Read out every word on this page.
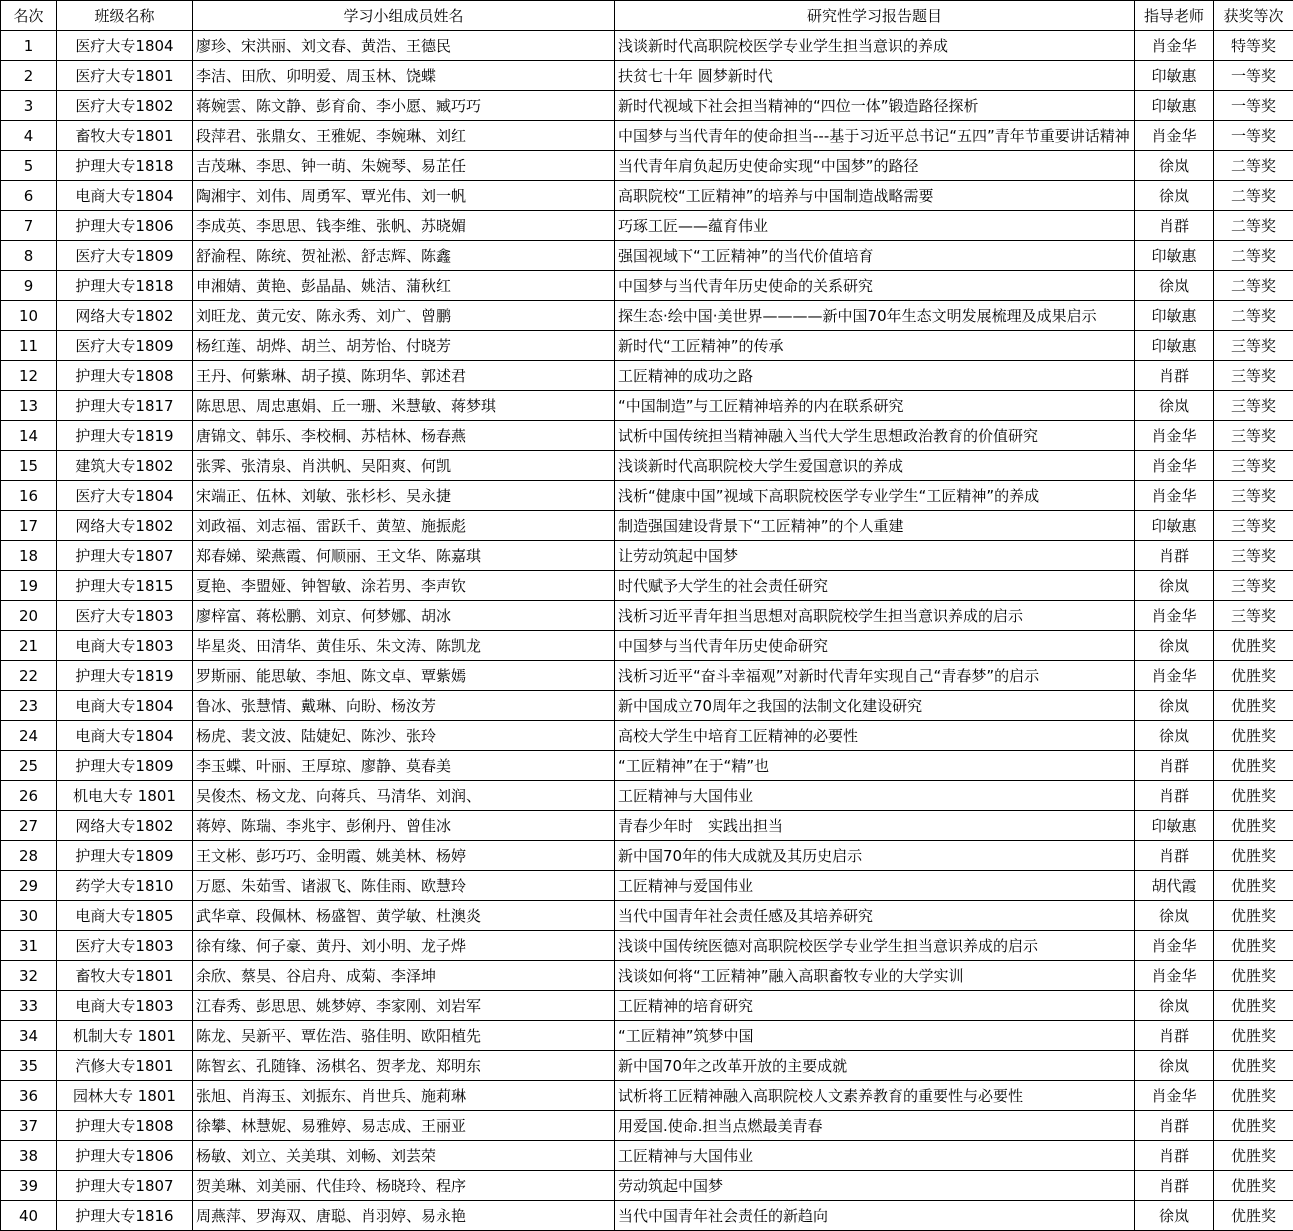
名次	班级名称	学习小组成员姓名	研究性学习报告题目	指导老师	获奖等次
1	医疗大专1804	廖珍、宋洪丽、刘文春、黄浩、王德民	浅谈新时代高职院校医学专业学生担当意识的养成	肖金华	特等奖
2	医疗大专1801	李洁、田欣、卯明爱、周玉林、饶蝶	扶贫七十年 圆梦新时代	印敏惠	一等奖
3	医疗大专1802	蒋婉雲、陈文静、彭育俞、李小愿、臧巧巧	新时代视域下社会担当精神的“四位一体”锻造路径探析	印敏惠	一等奖
4	畜牧大专1801	段萍君、张鼎女、王雅妮、李婉琳、刘红	中国梦与当代青年的使命担当---基于习近平总书记“五四”青年节重要讲话精神	肖金华	一等奖
5	护理大专1818	吉茂琳、李思、钟一萌、朱婉琴、易芷任	当代青年肩负起历史使命实现“中国梦”的路径	徐岚	二等奖
6	电商大专1804	陶湘宇、刘伟、周勇军、覃光伟、刘一帆	高职院校“工匠精神”的培养与中国制造战略需要	徐岚	二等奖
7	护理大专1806	李成英、李思思、钱李维、张帆、苏晓媚	巧琢工匠——蕴育伟业	肖群	二等奖
8	医疗大专1809	舒渝程、陈统、贺祉淞、舒志辉、陈鑫	强国视域下“工匠精神”的当代价值培育	印敏惠	二等奖
9	护理大专1818	申湘婧、黄艳、彭晶晶、姚洁、蒲秋红	中国梦与当代青年历史使命的关系研究	徐岚	二等奖
10	网络大专1802	刘旺龙、黄元安、陈永秀、刘广、曾鹏	探生态·绘中国·美世界————新中国70年生态文明发展梳理及成果启示	印敏惠	二等奖
11	医疗大专1809	杨红莲、胡烨、胡兰、胡芳怡、付晓芳	新时代“工匠精神”的传承	印敏惠	三等奖
12	护理大专1808	王丹、何紫琳、胡子摸、陈玥华、郭述君	工匠精神的成功之路	肖群	三等奖
13	护理大专1817	陈思思、周忠惠娟、丘一珊、米慧敏、蒋梦琪	“中国制造”与工匠精神培养的内在联系研究	徐岚	三等奖
14	护理大专1819	唐锦文、韩乐、李校桐、苏桔林、杨春燕	试析中国传统担当精神融入当代大学生思想政治教育的价值研究	肖金华	三等奖
15	建筑大专1802	张霁、张清泉、肖洪帆、吴阳爽、何凯	浅谈新时代高职院校大学生爱国意识的养成	肖金华	三等奖
16	医疗大专1804	宋端正、伍林、刘敏、张杉杉、吴永捷	浅析“健康中国”视域下高职院校医学专业学生“工匠精神”的养成	肖金华	三等奖
17	网络大专1802	刘政福、刘志福、雷跃千、黄堃、施振彪	制造强国建设背景下“工匠精神”的个人重建	印敏惠	三等奖
18	护理大专1807	郑春娣、梁燕霞、何顺丽、王文华、陈嘉琪	让劳动筑起中国梦	肖群	三等奖
19	护理大专1815	夏艳、李盟娅、钟智敏、涂若男、李声钦	时代赋予大学生的社会责任研究	徐岚	三等奖
20	医疗大专1803	廖梓富、蒋松鹏、刘京、何梦娜、胡冰	浅析习近平青年担当思想对高职院校学生担当意识养成的启示	肖金华	三等奖
21	电商大专1803	毕星炎、田清华、黄佳乐、朱文涛、陈凯龙	中国梦与当代青年历史使命研究	徐岚	优胜奖
22	护理大专1819	罗斯丽、能思敏、李旭、陈文卓、覃紫嫣	浅析习近平“奋斗幸福观”对新时代青年实现自己“青春梦”的启示	肖金华	优胜奖
23	电商大专1804	鲁冰、张慧情、戴琳、向盼、杨汝芳	新中国成立70周年之我国的法制文化建设研究	徐岚	优胜奖
24	电商大专1804	杨虎、裴文波、陆婕妃、陈沙、张玲	高校大学生中培育工匠精神的必要性	徐岚	优胜奖
25	护理大专1809	李玉蝶、叶丽、王厚琼、廖静、莫春美	“工匠精神”在于“精”也	肖群	优胜奖
26	机电大专 1801	吴俊杰、杨文龙、向蒋兵、马清华、刘润、	工匠精神与大国伟业	肖群	优胜奖
27	网络大专1802	蒋婷、陈瑞、李兆宇、彭俐丹、曾佳冰	青春少年时　实践出担当	印敏惠	优胜奖
28	护理大专1809	王文彬、彭巧巧、金明霞、姚美林、杨婷	新中国70年的伟大成就及其历史启示	肖群	优胜奖
29	药学大专1810	万愿、朱茹雪、诸淑飞、陈佳雨、欧慧玲	工匠精神与爱国伟业	胡代霞	优胜奖
30	电商大专1805	武华章、段佩林、杨盛智、黄学敏、杜澳炎	当代中国青年社会责任感及其培养研究	徐岚	优胜奖
31	医疗大专1803	徐有缘、何子豪、黄丹、刘小明、龙子烨	浅谈中国传统医德对高职院校医学专业学生担当意识养成的启示	肖金华	优胜奖
32	畜牧大专1801	余欣、蔡昊、谷启舟、成菊、李泽坤	浅谈如何将“工匠精神”融入高职畜牧专业的大学实训	肖金华	优胜奖
33	电商大专1803	江春秀、彭思思、姚梦婷、李家刚、刘岩军	工匠精神的培育研究	徐岚	优胜奖
34	机制大专 1801	陈龙、吴新平、覃佐浩、骆佳明、欧阳植先	“工匠精神”筑梦中国	肖群	优胜奖
35	汽修大专1801	陈智玄、孔随锋、汤棋名、贺孝龙、郑明东	新中国70年之改革开放的主要成就	徐岚	优胜奖
36	园林大专 1801	张旭、肖海玉、刘振东、肖世兵、施莉琳	试析将工匠精神融入高职院校人文素养教育的重要性与必要性	肖金华	优胜奖
37	护理大专1808	徐攀、林慧妮、易雅婷、易志成、王丽亚	用爱国.使命.担当点燃最美青春	肖群	优胜奖
38	护理大专1806	杨敏、刘立、关美琪、刘畅、刘芸荣	工匠精神与大国伟业	肖群	优胜奖
39	护理大专1807	贺美琳、刘美丽、代佳玲、杨晓玲、程序	劳动筑起中国梦	肖群	优胜奖
40	护理大专1816	周燕萍、罗海双、唐聪、肖羽婷、易永艳	当代中国青年社会责任的新趋向	徐岚	优胜奖
